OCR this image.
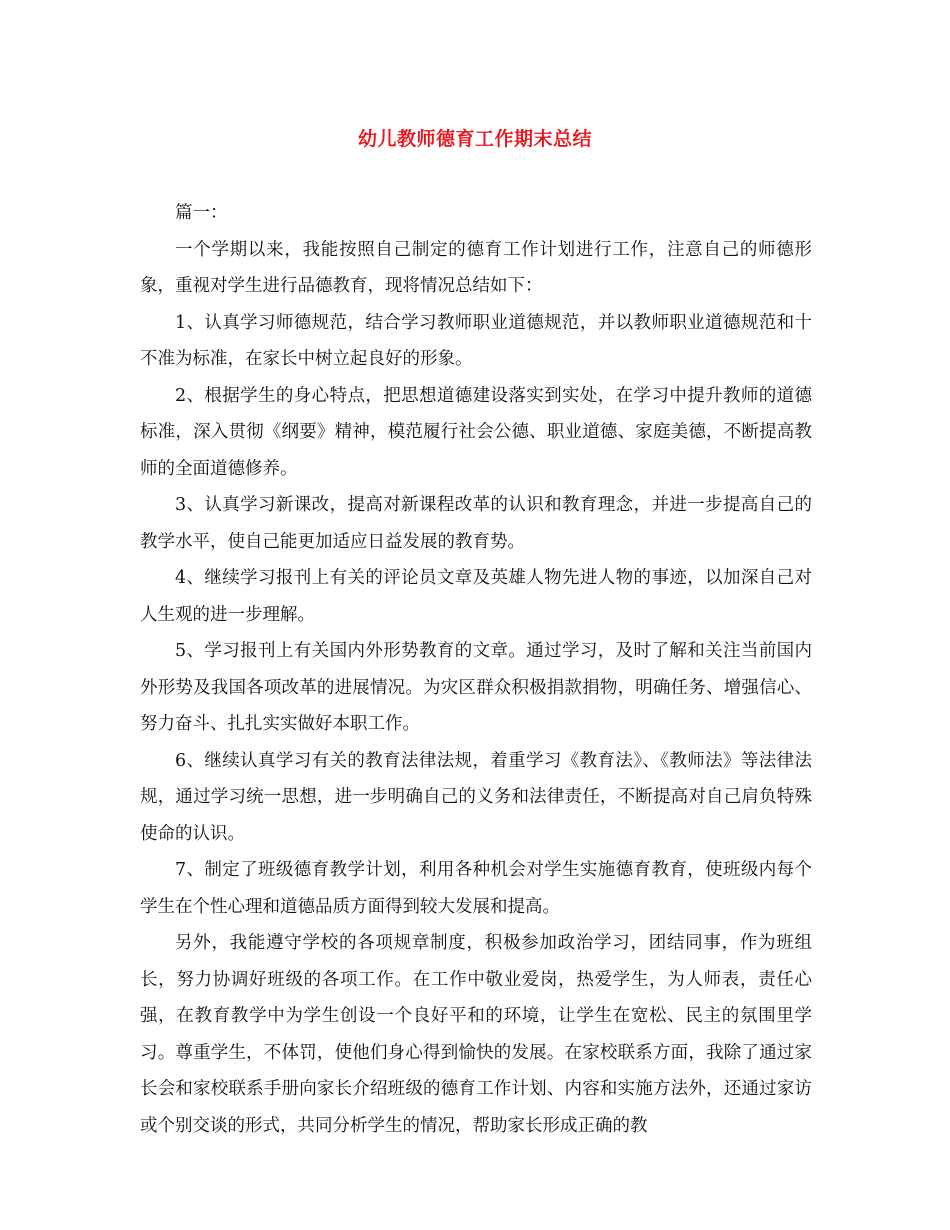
幼儿教师德育工作期末总结

篇一：

一个学期以来，我能按照自己制定的德育工作计划进行工作，注意自己的师德形象，重视对学生进行品德教育，现将情况总结如下：

1、认真学习师德规范，结合学习教师职业道德规范，并以教师职业道德规范和十不准为标准，在家长中树立起良好的形象。

2、根据学生的身心特点，把思想道德建设落实到实处，在学习中提升教师的道德标准，深入贯彻《纲要》精神，模范履行社会公德、职业道德、家庭美德，不断提高教师的全面道德修养。

3、认真学习新课改，提高对新课程改革的认识和教育理念，并进一步提高自己的教学水平，使自己能更加适应日益发展的教育势。

4、继续学习报刊上有关的评论员文章及英雄人物先进人物的事迹，以加深自己对人生观的进一步理解。

5、学习报刊上有关国内外形势教育的文章。通过学习，及时了解和关注当前国内外形势及我国各项改革的进展情况。为灾区群众积极捐款捐物，明确任务、增强信心、努力奋斗、扎扎实实做好本职工作。

6、继续认真学习有关的教育法律法规，着重学习《教育法》、《教师法》等法律法规，通过学习统一思想，进一步明确自己的义务和法律责任，不断提高对自己肩负特殊使命的认识。

7、制定了班级德育教学计划，利用各种机会对学生实施德育教育，使班级内每个学生在个性心理和道德品质方面得到较大发展和提高。

另外，我能遵守学校的各项规章制度，积极参加政治学习，团结同事，作为班组长，努力协调好班级的各项工作。在工作中敬业爱岗，热爱学生，为人师表，责任心强，在教育教学中为学生创设一个良好平和的环境，让学生在宽松、民主的氛围里学习。尊重学生，不体罚，使他们身心得到愉快的发展。在家校联系方面，我除了通过家长会和家校联系手册向家长介绍班级的德育工作计划、内容和实施方法外，还通过家访或个别交谈的形式，共同分析学生的情况，帮助家长形成正确的教
